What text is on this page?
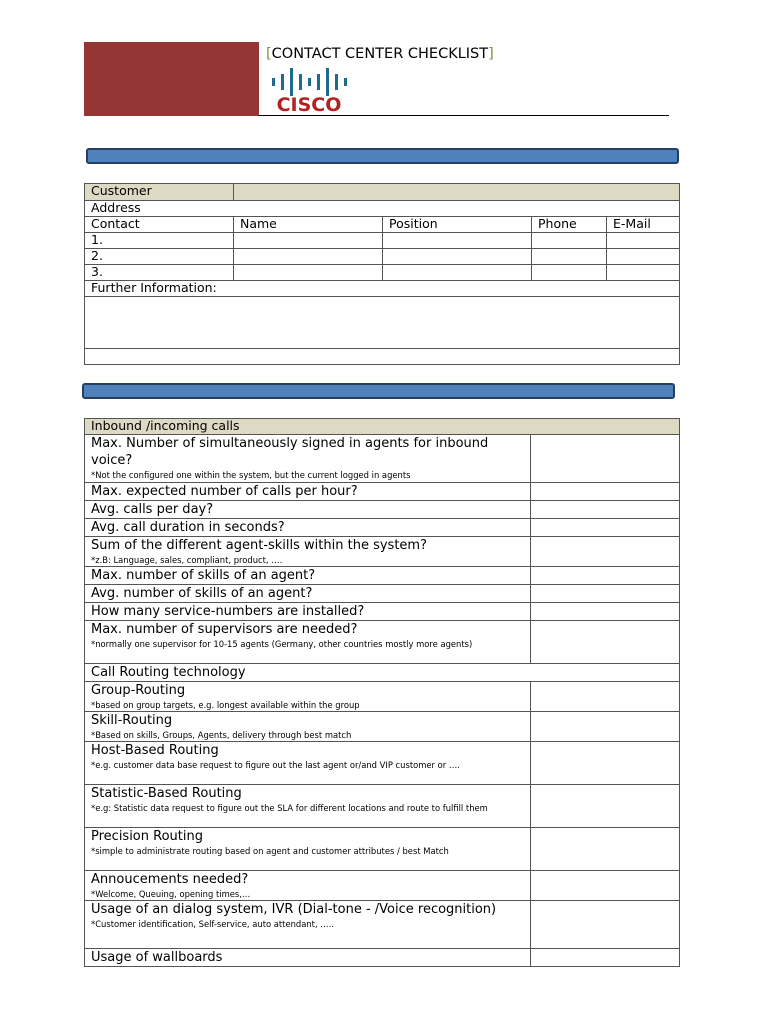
[CONTACT CENTER CHECKLIST]
CISCO
Customer				
Address				
Contact	Name	Position	Phone	E-Mail
1.				
2.				
3.				
Further Information:				

Inbound /incoming calls	

Max. Number of simultaneously signed in agents for inbound voice?
*Not the configured one within the system, but the current logged in agents	

Max. expected number of calls per hour?	

Avg. calls per day?	

Avg. call duration in seconds?	

Sum of the different agent-skills within the system?
*z.B: Language, sales, compliant, product, ….	

Max. number of skills of an agent?	

Avg. number of skills of an agent?	

How many service-numbers are installed?	

Max. number of supervisors are needed?
*normally one supervisor for 10-15 agents (Germany, other countries mostly more agents)	

Call Routing technology	

Group-Routing
*based on group targets, e.g. longest available within the group	

Skill-Routing
*Based on skills, Groups, Agents, delivery through best match	

Host-Based Routing
*e.g. customer data base request to figure out the last agent or/and VIP customer or ….	

Statistic-Based Routing
*e.g: Statistic data request to figure out the SLA for different locations and route to fulfill them	

Precision Routing
*simple to administrate routing based on agent and customer attributes / best Match	

Annoucements needed?
*Welcome, Queuing, opening times,…	

Usage of an dialog system, IVR (Dial-tone - /Voice recognition)
*Customer identification, Self-service, auto attendant, …..	

Usage of wallboards	
